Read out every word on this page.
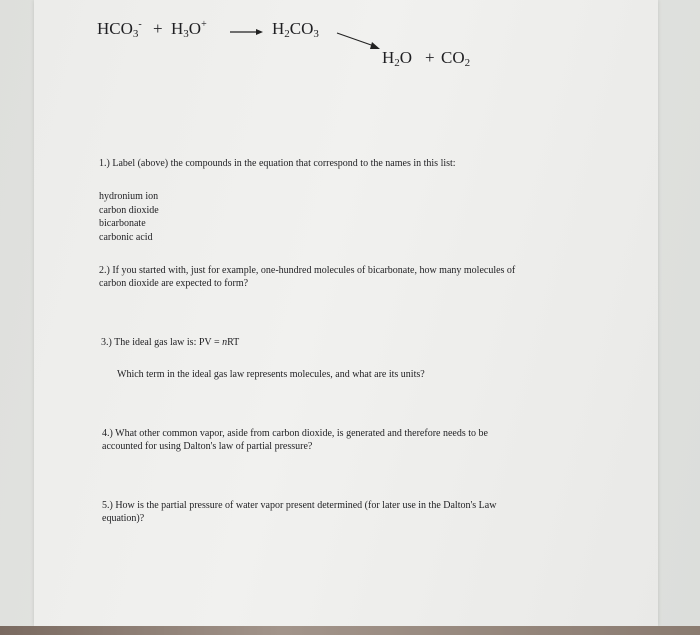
$HCO_3^- + H_3O^+ \to H_2CO_3$
$H_2O + CO_2$
1.) Label (above) the compounds in the equation that correspond to the names in this list:
hydronium ion
carbon dioxide
bicarbonate
carbonic acid
2.) If you started with, just for example, one-hundred molecules of bicarbonate, how many molecules of
carbon dioxide are expected to form?
3.) The ideal gas law is: PV = nRT
Which term in the ideal gas law represents molecules, and what are its units?
4.) What other common vapor, aside from carbon dioxide, is generated and therefore needs to be
accounted for using Dalton's law of partial pressure?
5.) How is the partial pressure of water vapor present determined (for later use in the Dalton's Law
equation)?
